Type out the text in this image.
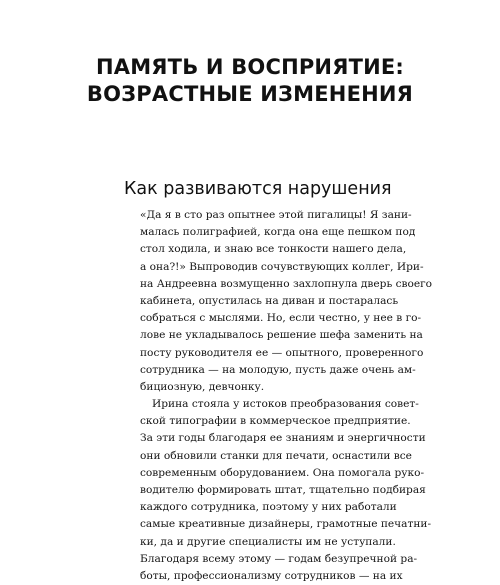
ПАМЯТЬ И ВОСПРИЯТИЕ:
ВОЗРАСТНЫЕ ИЗМЕНЕНИЯ
Как развиваются нарушения
«Да я в сто раз опытнее этой пигалицы! Я зани-
малась полиграфией, когда она еще пешком под
стол ходила, и знаю все тонкости нашего дела,
а она?!» Выпроводив сочувствующих коллег, Ири-
на Андреевна возмущенно захлопнула дверь своего
кабинета, опустилась на диван и постаралась
собраться с мыслями. Но, если честно, у нее в го-
лове не укладывалось решение шефа заменить на
посту руководителя ее — опытного, проверенного
сотрудника — на молодую, пусть даже очень ам-
бициозную, девчонку.
Ирина стояла у истоков преобразования совет-
ской типографии в коммерческое предприятие.
За эти годы благодаря ее знаниям и энергичности
они обновили станки для печати, оснастили все
современным оборудованием. Она помогала руко-
водителю формировать штат, тщательно подбирая
каждого сотрудника, поэтому у них работали
самые креативные дизайнеры, грамотные печатни-
ки, да и другие специалисты им не уступали.
Благодаря всему этому — годам безупречной ра-
боты, профессионализму сотрудников — на их
